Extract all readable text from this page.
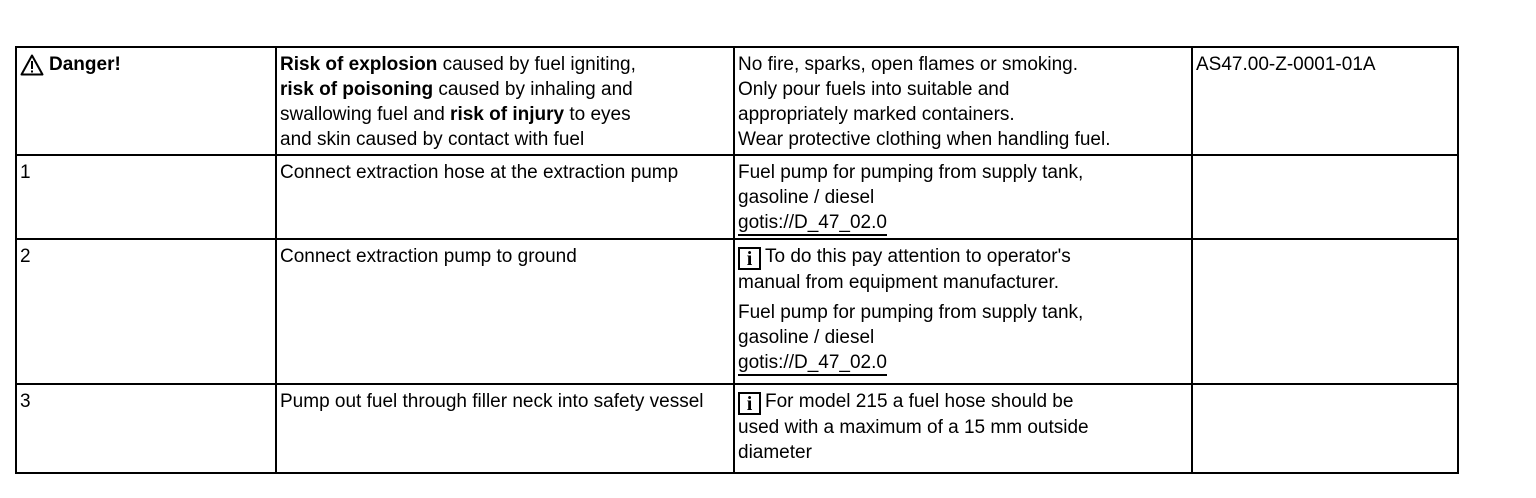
Danger!	Risk of explosion caused by fuel igniting,
risk of poisoning caused by inhaling and
swallowing fuel and risk of injury to eyes
and skin caused by contact with fuel	No fire, sparks, open flames or smoking.
Only pour fuels into suitable and
appropriately marked containers.
Wear protective clothing when handling fuel.	AS47.00-Z-0001-01A
1	Connect extraction hose at the extraction pump	Fuel pump for pumping from supply tank,
gasoline / diesel
gotis://D_47_02.0	
2	Connect extraction pump to ground	i To do this pay attention to operator's
manual from equipment manufacturer.
Fuel pump for pumping from supply tank,
gasoline / diesel
gotis://D_47_02.0	
3	Pump out fuel through filler neck into safety vessel	i For model 215 a fuel hose should be
used with a maximum of a 15 mm outside
diameter	
